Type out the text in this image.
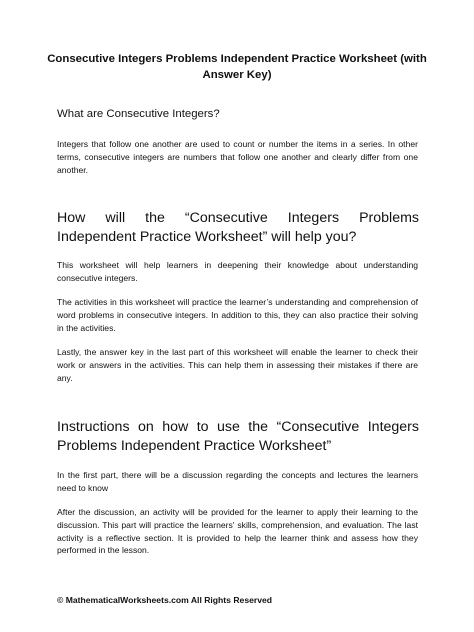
Consecutive Integers Problems Independent Practice Worksheet (with Answer Key)
What are Consecutive Integers?
Integers that follow one another are used to count or number the items in a series. In other terms, consecutive integers are numbers that follow one another and clearly differ from one another.
How will the “Consecutive Integers Problems Independent Practice Worksheet” will help you?
This worksheet will help learners in deepening their knowledge about understanding consecutive integers.
The activities in this worksheet will practice the learner’s understanding and comprehension of word problems in consecutive integers. In addition to this, they can also practice their solving in the activities.
Lastly, the answer key in the last part of this worksheet will enable the learner to check their work or answers in the activities. This can help them in assessing their mistakes if there are any.
Instructions on how to use the “Consecutive Integers Problems Independent Practice Worksheet”
In the first part, there will be a discussion regarding the concepts and lectures the learners need to know
After the discussion, an activity will be provided for the learner to apply their learning to the discussion. This part will practice the learners' skills, comprehension, and evaluation. The last activity is a reflective section. It is provided to help the learner think and assess how they performed in the lesson.
© MathematicalWorksheets.com All Rights Reserved
